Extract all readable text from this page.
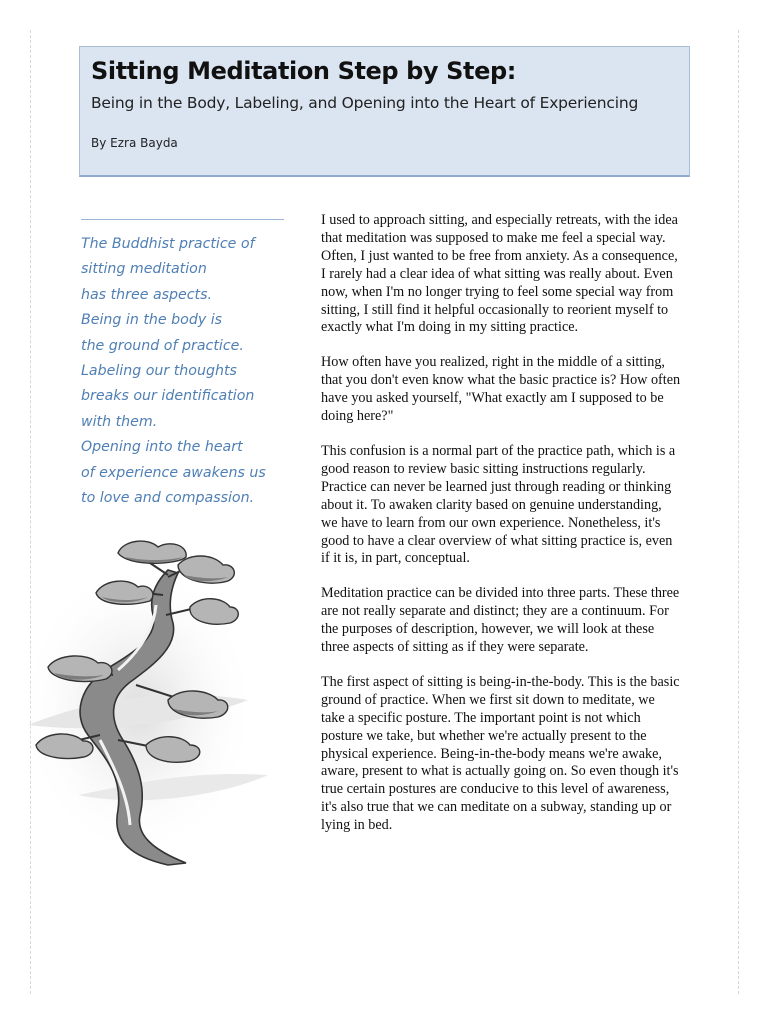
Sitting Meditation Step by Step:

Being in the Body, Labeling, and Opening into the Heart of Experiencing

By Ezra Bayda

The Buddhist practice of
sitting meditation
has three aspects.
Being in the body is
the ground of practice.
Labeling our thoughts
breaks our identification
with them.
Opening into the heart
of experience awakens us
to love and compassion.

I used to approach sitting, and especially retreats, with the idea that meditation was supposed to make me feel a special way. Often, I just wanted to be free from anxiety. As a consequence, I rarely had a clear idea of what sitting was really about. Even now, when I'm no longer trying to feel some special way from sitting, I still find it helpful occasionally to reorient myself to exactly what I'm doing in my sitting practice.

How often have you realized, right in the middle of a sitting, that you don't even know what the basic practice is? How often have you asked yourself, "What exactly am I supposed to be doing here?"

This confusion is a normal part of the practice path, which is a good reason to review basic sitting instructions regularly. Practice can never be learned just through reading or thinking about it. To awaken clarity based on genuine understanding, we have to learn from our own experience. Nonetheless, it's good to have a clear overview of what sitting practice is, even if it is, in part, conceptual.

Meditation practice can be divided into three parts. These three are not really separate and distinct; they are a continuum. For the purposes of description, however, we will look at these three aspects of sitting as if they were separate.

The first aspect of sitting is being-in-the-body. This is the basic ground of practice. When we first sit down to meditate, we take a specific posture. The important point is not which posture we take, but whether we're actually present to the physical experience. Being-in-the-body means we're awake, aware, present to what is actually going on. So even though it's true certain postures are conducive to this level of awareness, it's also true that we can meditate on a subway, standing up or lying in bed.
